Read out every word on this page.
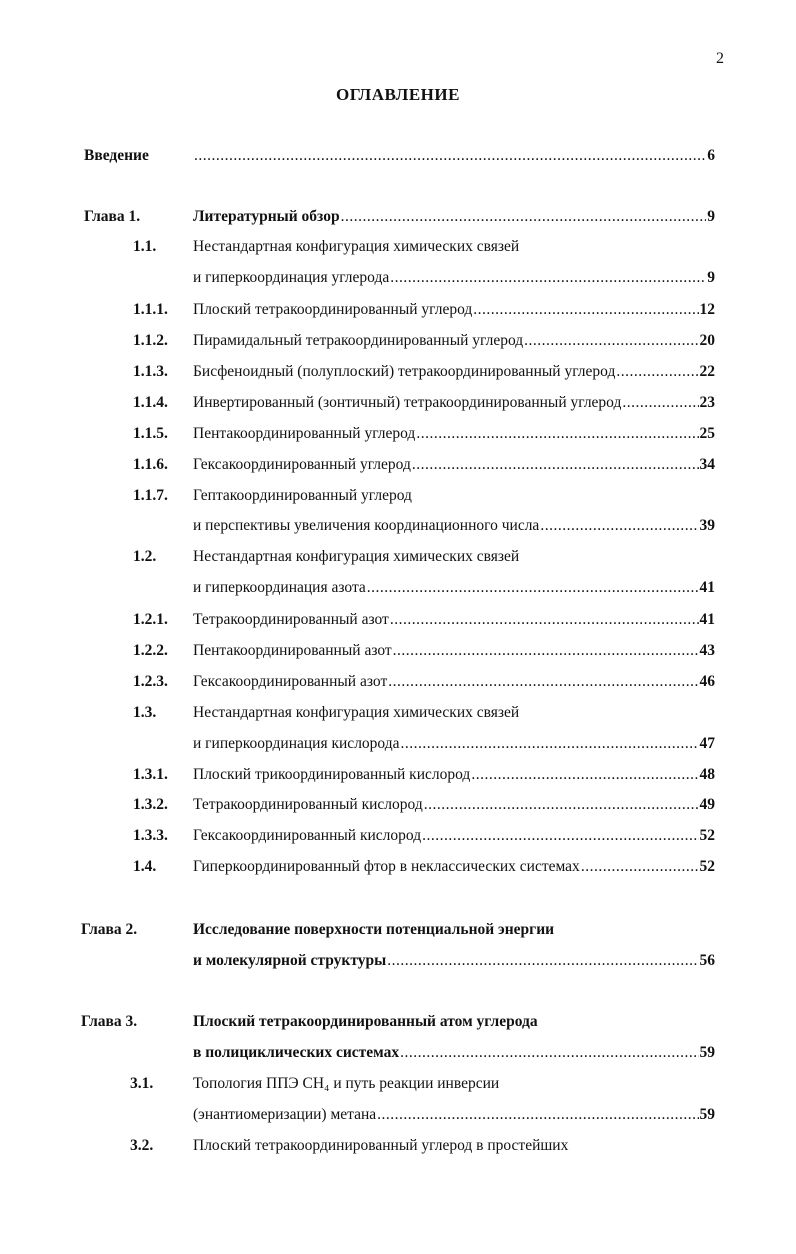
2
ОГЛАВЛЕНИЕ
Введение .....	6
Глава 1.	Литературный обзор .....	9
1.1. Нестандартная конфигурация химических связей
и гиперкоординация углерода .....	9
1.1.1. Плоский тетракоординированный углерод .....	12
1.1.2. Пирамидальный тетракоординированный углерод .....	20
1.1.3. Бисфеноидный (полуплоский) тетракоординированный углерод .....	22
1.1.4. Инвертированный (зонтичный) тетракоординированный углерод .....	23
1.1.5. Пентакоординированный углерод .....	25
1.1.6. Гексакоординированный углерод .....	34
1.1.7. Гептакоординированный углерод
и перспективы увеличения координационного числа .....	39
1.2. Нестандартная конфигурация химических связей
и гиперкоординация азота .....	41
1.2.1. Тетракоординированный азот .....	41
1.2.2. Пентакоординированный азот .....	43
1.2.3. Гексакоординированный азот .....	46
1.3. Нестандартная конфигурация химических связей
и гиперкоординация кислорода .....	47
1.3.1. Плоский трикоординированный кислород .....	48
1.3.2. Тетракоординированный кислород .....	49
1.3.3. Гексакоординированный кислород .....	52
1.4. Гиперкоординированный фтор в неклассических системах .....	52
Глава 2.	Исследование поверхности потенциальной энергии
и молекулярной структуры .....	56
Глава 3.	Плоский тетракоординированный атом углерода
в полициклических системах .....	59
3.1.	Топология ППЭ CH₄ и путь реакции инверсии
(энантиомеризации) метана .....	59
3.2.	Плоский тетракоординированный углерод в простейших
